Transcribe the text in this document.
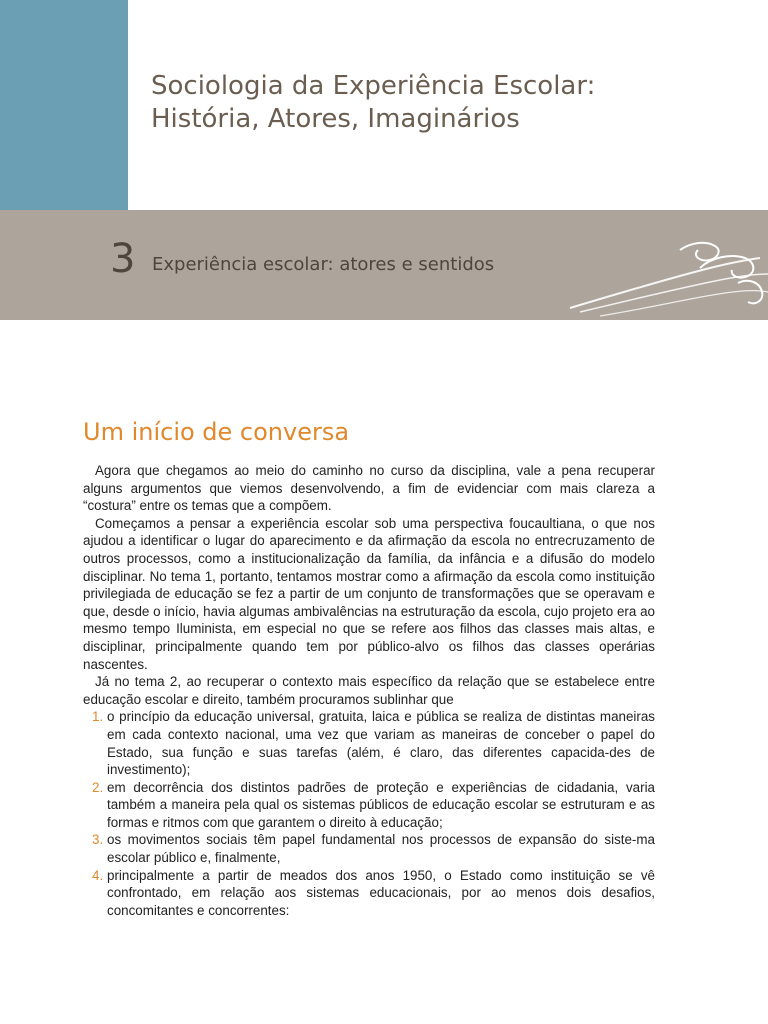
Sociologia da Experiência Escolar:
História, Atores, Imaginários
3 Experiência escolar: atores e sentidos
Um início de conversa

Agora que chegamos ao meio do caminho no curso da disciplina, vale a pena recuperar alguns argumentos que viemos desenvolvendo, a fim de evidenciar com mais clareza a “costura” entre os temas que a compõem.

Começamos a pensar a experiência escolar sob uma perspectiva foucaultiana, o que nos ajudou a identificar o lugar do aparecimento e da afirmação da escola no entrecruzamento de outros processos, como a institucionalização da família, da infância e a difusão do modelo disciplinar. No tema 1, portanto, tentamos mostrar como a afirmação da escola como instituição privilegiada de educação se fez a partir de um conjunto de transformações que se operavam e que, desde o início, havia algumas ambivalências na estruturação da escola, cujo projeto era ao mesmo tempo Iluminista, em especial no que se refere aos filhos das classes mais altas, e disciplinar, principalmente quando tem por público-alvo os filhos das classes operárias nascentes.

Já no tema 2, ao recuperar o contexto mais específico da relação que se estabelece entre educação escolar e direito, também procuramos sublinhar que

1. o princípio da educação universal, gratuita, laica e pública se realiza de distintas maneiras em cada contexto nacional, uma vez que variam as maneiras de conceber o papel do Estado, sua função e suas tarefas (além, é claro, das diferentes capacida-des de investimento);
2. em decorrência dos distintos padrões de proteção e experiências de cidadania, varia também a maneira pela qual os sistemas públicos de educação escolar se estruturam e as formas e ritmos com que garantem o direito à educação;
3. os movimentos sociais têm papel fundamental nos processos de expansão do siste-ma escolar público e, finalmente,
4. principalmente a partir de meados dos anos 1950, o Estado como instituição se vê confrontado, em relação aos sistemas educacionais, por ao menos dois desafios, concomitantes e concorrentes:
